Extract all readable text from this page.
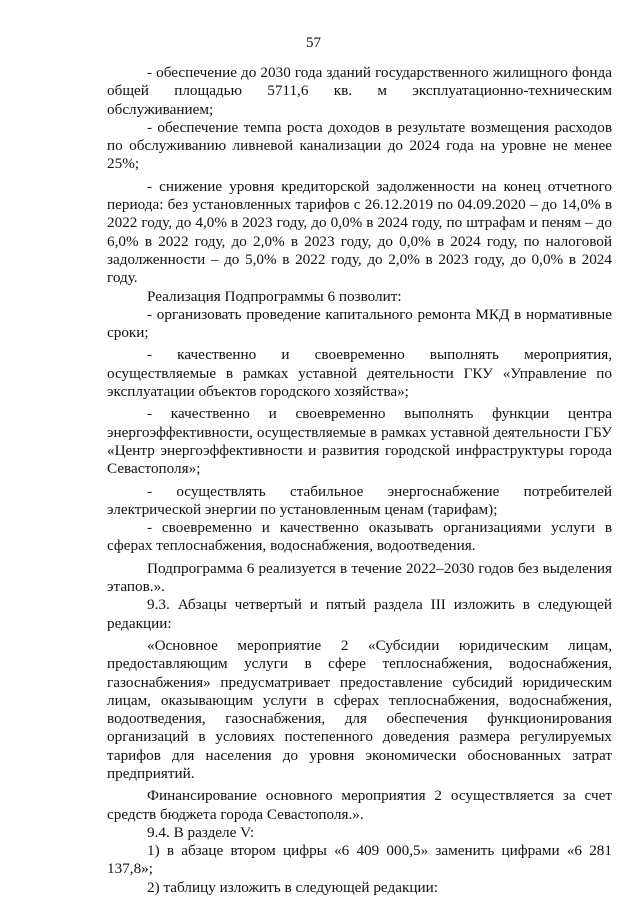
57

- обеспечение до 2030 года зданий государственного жилищного фонда общей площадью 5711,6 кв. м эксплуатационно-техническим обслуживанием;

- обеспечение темпа роста доходов в результате возмещения расходов по обслуживанию ливневой канализации до 2024 года на уровне не менее 25%;

- снижение уровня кредиторской задолженности на конец отчетного периода: без установленных тарифов с 26.12.2019 по 04.09.2020 – до 14,0% в 2022 году, до 4,0% в 2023 году, до 0,0% в 2024 году, по штрафам и пеням – до 6,0% в 2022 году, до 2,0% в 2023 году, до 0,0% в 2024 году, по налоговой задолженности – до 5,0% в 2022 году, до 2,0% в 2023 году, до 0,0% в 2024 году.

Реализация Подпрограммы 6 позволит:

- организовать проведение капитального ремонта МКД в нормативные сроки;

- качественно и своевременно выполнять мероприятия, осуществляемые в рамках уставной деятельности ГКУ «Управление по эксплуатации объектов городского хозяйства»;

- качественно и своевременно выполнять функции центра энергоэффективности, осуществляемые в рамках уставной деятельности ГБУ «Центр энергоэффективности и развития городской инфраструктуры города Севастополя»;

- осуществлять стабильное энергоснабжение потребителей электрической энергии по установленным ценам (тарифам);

- своевременно и качественно оказывать организациями услуги в сферах теплоснабжения, водоснабжения, водоотведения.

Подпрограмма 6 реализуется в течение 2022–2030 годов без выделения этапов.».

9.3. Абзацы четвертый и пятый раздела III изложить в следующей редакции:

«Основное мероприятие 2 «Субсидии юридическим лицам, предоставляющим услуги в сфере теплоснабжения, водоснабжения, газоснабжения» предусматривает предоставление субсидий юридическим лицам, оказывающим услуги в сферах теплоснабжения, водоснабжения, водоотведения, газоснабжения, для обеспечения функционирования организаций в условиях постепенного доведения размера регулируемых тарифов для населения до уровня экономически обоснованных затрат предприятий.

Финансирование основного мероприятия 2 осуществляется за счет средств бюджета города Севастополя.».

9.4. В разделе V:

1) в абзаце втором цифры «6 409 000,5» заменить цифрами «6 281 137,8»;

2) таблицу изложить в следующей редакции:
